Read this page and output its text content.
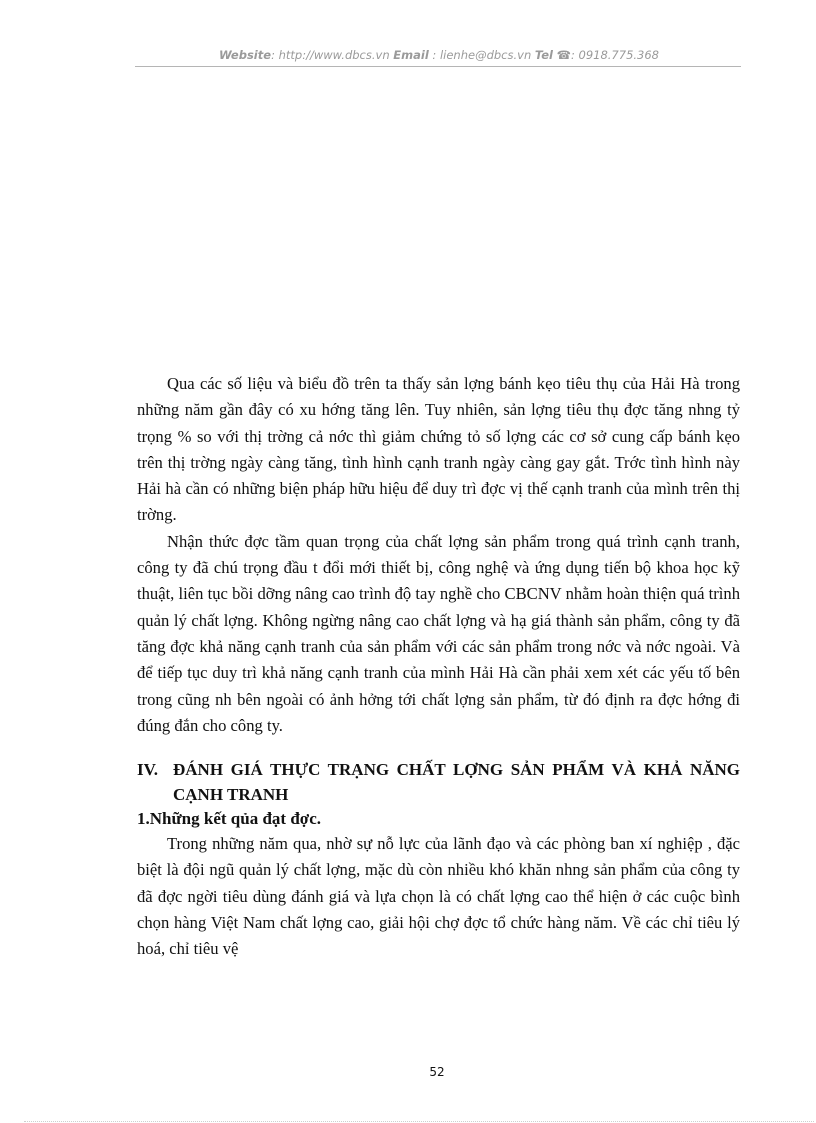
Website: http://www.dbcs.vn Email : lienhe@dbcs.vn Tel ☎: 0918.775.368

Qua các số liệu và biểu đồ trên ta thấy sản lợng bánh kẹo tiêu thụ của Hải Hà trong những năm gần đây có xu hớng tăng lên. Tuy nhiên, sản lợng tiêu thụ đợc tăng nhng tỷ trọng % so với thị trờng cả nớc thì giảm chứng tỏ số lợng các cơ sở cung cấp bánh kẹo trên thị trờng ngày càng tăng, tình hình cạnh tranh ngày càng gay gắt. Trớc tình hình này Hải hà cần có những biện pháp hữu hiệu để duy trì đợc vị thế cạnh tranh của mình trên thị trờng.

Nhận thức đợc tầm quan trọng của chất lợng sản phẩm trong quá trình cạnh tranh, công ty đã chú trọng đầu t đổi mới thiết bị, công nghệ và ứng dụng tiến bộ khoa học kỹ thuật, liên tục bồi dỡng nâng cao trình độ tay nghề cho CBCNV nhằm hoàn thiện quá trình quản lý chất lợng. Không ngừng nâng cao chất lợng và hạ giá thành sản phẩm, công ty đã tăng đợc khả năng cạnh tranh của sản phẩm với các sản phẩm trong nớc và nớc ngoài. Và để tiếp tục duy trì khả năng cạnh tranh của mình Hải Hà cần phải xem xét các yếu tố bên trong cũng nh bên ngoài có ảnh hởng tới chất lợng sản phẩm, từ đó định ra đợc hớng đi đúng đắn cho công ty.

IV. ĐÁNH GIÁ THỰC TRẠNG CHẤT LỢNG SẢN PHẨM VÀ KHẢ NĂNG CẠNH TRANH
1.Những kết qủa đạt đợc.

Trong những năm qua, nhờ sự nỗ lực của lãnh đạo và các phòng ban xí nghiệp , đặc biệt là đội ngũ quản lý chất lợng, mặc dù còn nhiều khó khăn nhng sản phẩm của công ty đã đợc ngời tiêu dùng đánh giá và lựa chọn là có chất lợng cao thể hiện ở các cuộc bình chọn hàng Việt Nam chất lợng cao, giải hội chợ đợc tổ chức hàng năm. Về các chỉ tiêu lý hoá, chỉ tiêu vệ

52
